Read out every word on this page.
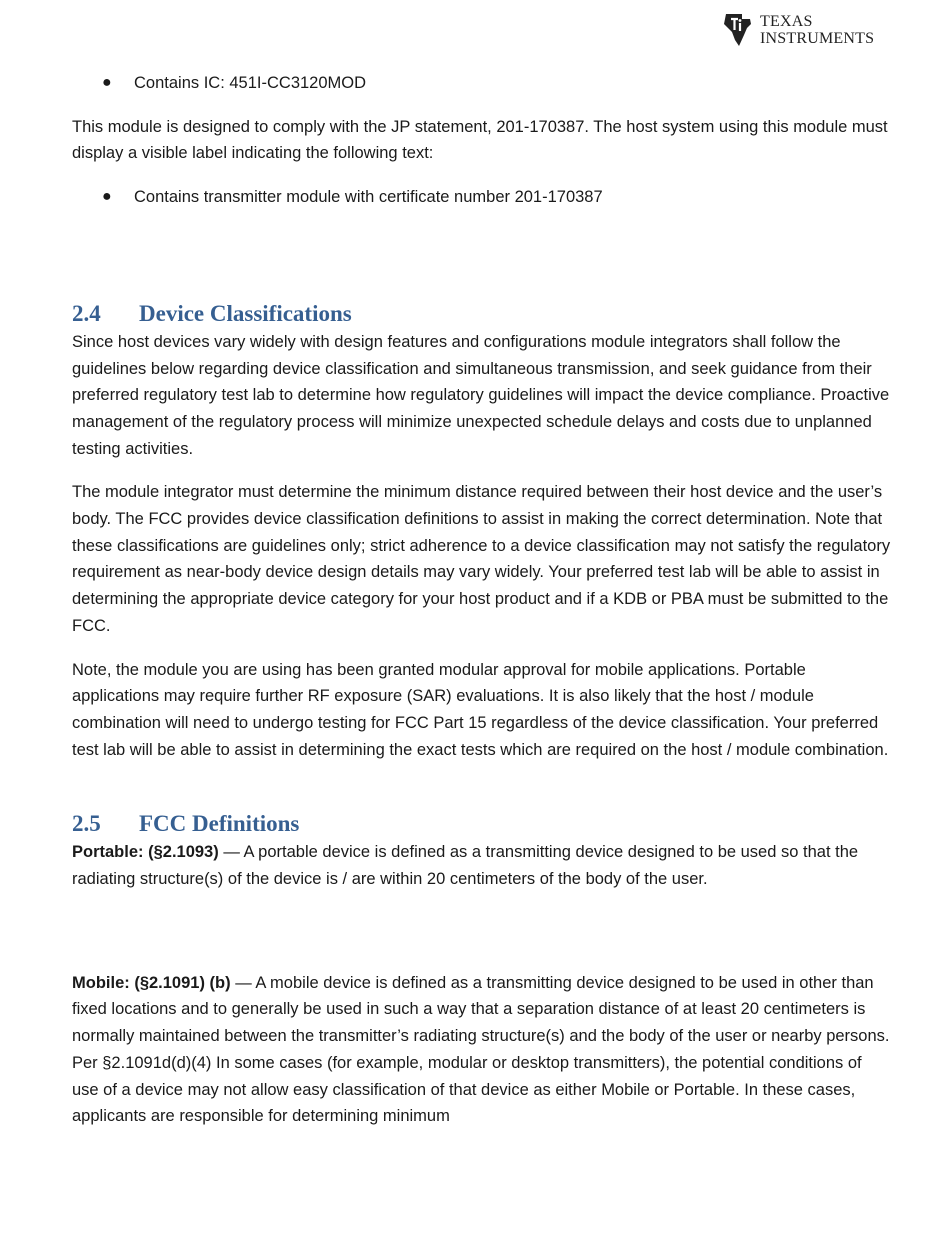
TEXAS
INSTRUMENTS
● Contains IC: 451I-CC3120MOD

This module is designed to comply with the JP statement, 201-170387. The host system using this module must display a visible label indicating the following text:

● Contains transmitter module with certificate number 201-170387
2.4	Device Classifications

Since host devices vary widely with design features and configurations module integrators shall follow the guidelines below regarding device classification and simultaneous transmission, and seek guidance from their preferred regulatory test lab to determine how regulatory guidelines will impact the device compliance. Proactive management of the regulatory process will minimize unexpected schedule delays and costs due to unplanned testing activities.

The module integrator must determine the minimum distance required between their host device and the user’s body. The FCC provides device classification definitions to assist in making the correct determination. Note that these classifications are guidelines only; strict adherence to a device classification may not satisfy the regulatory requirement as near-body device design details may vary widely. Your preferred test lab will be able to assist in determining the appropriate device category for your host product and if a KDB or PBA must be submitted to the FCC.

Note, the module you are using has been granted modular approval for mobile applications. Portable applications may require further RF exposure (SAR) evaluations. It is also likely that the host / module combination will need to undergo testing for FCC Part 15 regardless of the device classification. Your preferred test lab will be able to assist in determining the exact tests which are required on the host / module combination.

2.5	FCC Definitions

Portable: (§2.1093) — A portable device is defined as a transmitting device designed to be used so that the radiating structure(s) of the device is / are within 20 centimeters of the body of the user.

Mobile: (§2.1091) (b) — A mobile device is defined as a transmitting device designed to be used in other than fixed locations and to generally be used in such a way that a separation distance of at least 20 centimeters is normally maintained between the transmitter’s radiating structure(s) and the body of the user or nearby persons. Per §2.1091d(d)(4) In some cases (for example, modular or desktop transmitters), the potential conditions of use of a device may not allow easy classification of that device as either Mobile or Portable. In these cases, applicants are responsible for determining minimum
